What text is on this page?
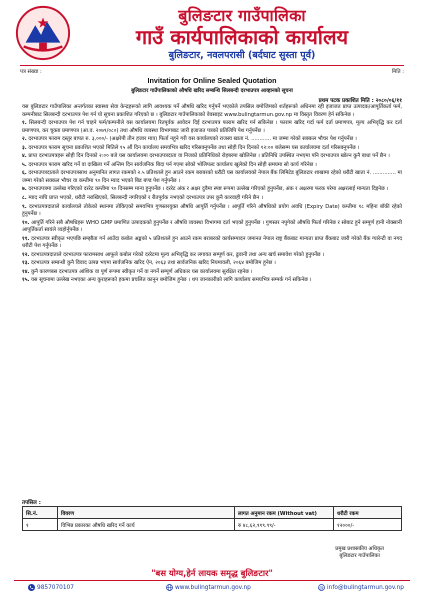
बुलिङटार गाउँपालिका
गाउँ कार्यपालिकाको कार्यालय
बुलिङटार, नवलपरासी (बर्दघाट सुस्ता पूर्व)
पत्र संख्या :	मिति :
Invitation for Online Sealed Quotation
बुलिङटार गाउँपालिकाको औषधि खरिद सम्बन्धि सिलबन्दी दरभाउपत्र आव्हानको सूचना
प्रथम पटक प्रकाशित मिति : २०८०/०६/११

यस बुलिङटार गाउँपालिका अन्तर्गतका स्वास्थ्य सेवा केन्द्रहरूको लागि आवश्यक पर्ने औषधि खरिद गर्नुपर्ने भएकोले तपसिल बमोजिमको शर्तहरूको अधिनमा रही इजाजत प्राप्त उत्पादक/आपूर्तिकर्ता फर्म, कम्पनीबाट सिलबन्दी दरभाउपत्र पेश गर्न यो सूचना प्रकाशित गरिएको छ । बुलिङटार गाउँपालिकाको वेवसाइट www.bulingtarmun.gov.np मा विस्तृत विवरण हेर्न सकिनेछ ।

१. सिलबन्दी दरभाउपत्र पेश गर्न चाहने फर्म/कम्पनीले यस कार्यालयमा रितपूर्वक आवेदन दिई दरभाउपत्र फाराम खरिद गर्न सकिनेछ । फाराम खरिद गर्दा फर्म दर्ता प्रमाणपत्र, मूल्य अभिवृद्धि कर दर्ता प्रमाणपत्र, कर चुक्ता प्रमाणपत्र (आ.व. २०७९/०८०) तथा औषधि व्यवस्था विभागबाट जारी इजाजत पत्रको प्रतिलिपि पेश गर्नुपर्नेछ ।

२. दरभाउपत्र फाराम दस्तुर बापत रु. ३,०००/- (अक्षरेपी तीन हजार मात्र) फिर्ता नहुने गरी यस कार्यालयको राजस्व खाता नं. ............ मा जम्मा गरेको सक्कल भौचर पेश गर्नुपर्नेछ ।

३. दरभाउपत्र फाराम सूचना प्रकाशित भएको मितिले १५ औं दिन कार्यालय समयभित्र खरिद गरिसक्नुपर्नेछ तथा सोही दिन दिनको १२:०० बजेसम्म यस कार्यालयमा दर्ता गरिसक्नुपर्नेछ ।

४. प्राप्त दरभाउपत्रहरू सोही दिन दिनको २:०० बजे यस कार्यालयमा दरभाउपत्रदाता वा निजको प्रतिनिधिको रोहबरमा खोलिनेछ । प्रतिनिधि उपस्थित नभएमा पनि दरभाउपत्र खोल्न कुनै बाधा पर्ने छैन ।

५. दरभाउपत्र फाराम खरिद गर्ने वा दाखिला गर्ने अन्तिम दिन सार्वजनिक बिदा पर्न गएमा सोको भोलिपल्ट कार्यालय खुलेको दिन सोही समयमा सो कार्य गरिनेछ ।

६. दरभाउपत्रदाताले दरभाउपत्रसाथ अनुमानित लागत रकमको २.५ प्रतिशतले हुन आउने रकम बराबरको धरौटी यस कार्यालयको नेपाल बैंक लिमिटेड बुलिङटार शाखामा रहेको धरौटी खाता नं. .............. मा जम्मा गरेको सक्कल भौचर वा कम्तीमा ९० दिन म्याद भएको बिड बण्ड पेश गर्नुपर्नेछ ।

७. दरभाउपत्रमा उल्लेख गरिएको दररेट कम्तीमा ९० दिनसम्म मान्य हुनुपर्नेछ । दररेट अंक र अक्षर दुवैमा स्पष्ट रूपमा उल्लेख गरिएको हुनुपर्नेछ, अंक र अक्षरमा फरक परेमा अक्षरलाई मान्यता दिइनेछ ।

८. म्याद नाघि प्राप्त भएको, धरौटी नराखिएको, सिलबन्दी नगरिएको र रीतपूर्वक नभएको दरभाउपत्र उपर कुनै कारवाही गरिने छैन ।

९. दरभाउपत्रदाताले कार्यालयले तोकेको स्थानमा तोकिएको समयभित्र गुणस्तरयुक्त औषधि आपूर्ति गर्नुपर्नेछ । आपूर्ति गरिने औषधिको प्रयोग अवधि (Expiry Date) कम्तीमा १८ महिना बाँकी रहेको हुनुपर्नेछ ।

१०. आपूर्ति गरिने सबै औषधिहरू WHO GMP प्रमाणित उत्पादकको हुनुपर्नेछ र औषधि व्यवस्था विभागमा दर्ता भएको हुनुपर्नेछ । गुणस्तर नपुगेको औषधि फिर्ता गरिनेछ र सोबाट हुने सम्पूर्ण हानी नोक्सानी आपूर्तिकर्ता स्वयंले व्यहोर्नुपर्नेछ ।

११. दरभाउपत्र स्वीकृत भएपछि सम्झौता गर्न आउँदा कबोल अङ्कको ५ प्रतिशतले हुन आउने रकम बराबरको कार्यसम्पादन जमानत नेपाल राष्ट्र बैंकबाट मान्यता प्राप्त बैंकबाट जारी गरेको बैंक ग्यारेन्टी वा नगद धरौटी पेश गर्नुपर्नेछ ।

१२. दरभाउपत्रदाताले दरभाउपत्र फारामसाथ आफूले कबोल गरेको दररेटमा मूल्य अभिवृद्धि कर लगायत सम्पूर्ण कर, ढुवानी तथा अन्य खर्च समावेश गरेको हुनुपर्नेछ ।

१३. दरभाउपत्र सम्बन्धी कुनै विवाद उत्पन्न भएमा सार्वजनिक खरिद ऐन, २०६३ तथा सार्वजनिक खरिद नियमावली, २०६४ बमोजिम हुनेछ ।

१४. कुनै कारणबस दरभाउपत्र आंशिक वा पूर्ण रूपमा स्वीकृत गर्ने वा नगर्ने सम्पूर्ण अधिकार यस कार्यालयमा सुरक्षित रहनेछ ।

१५. यस सूचनामा उल्लेख नभएका अन्य कुराहरूको हकमा प्रचलित कानून बमोजिम हुनेछ । थप जानकारीको लागि कार्यालय समयभित्र सम्पर्क गर्न सकिनेछ ।

तपसिल :
सि.नं.	विवरण	लागत अनुमान रकम (Without vat)	धरौटी रकम
१	विभिन्न प्रकारका औषधि खरिद गर्ने कार्य	रु ४८,६२,९९९.९९/-	१२०००/-
प्रमुख प्रशासकीय अधिकृत
बुलिङटार गाउँपालिका
"बस योग्य,हेर्न लायक समृद्ध बुलिङटार"
9857070107	www.bulingtarmun.gov.np	@ info@bulingtarmun.gov.np
